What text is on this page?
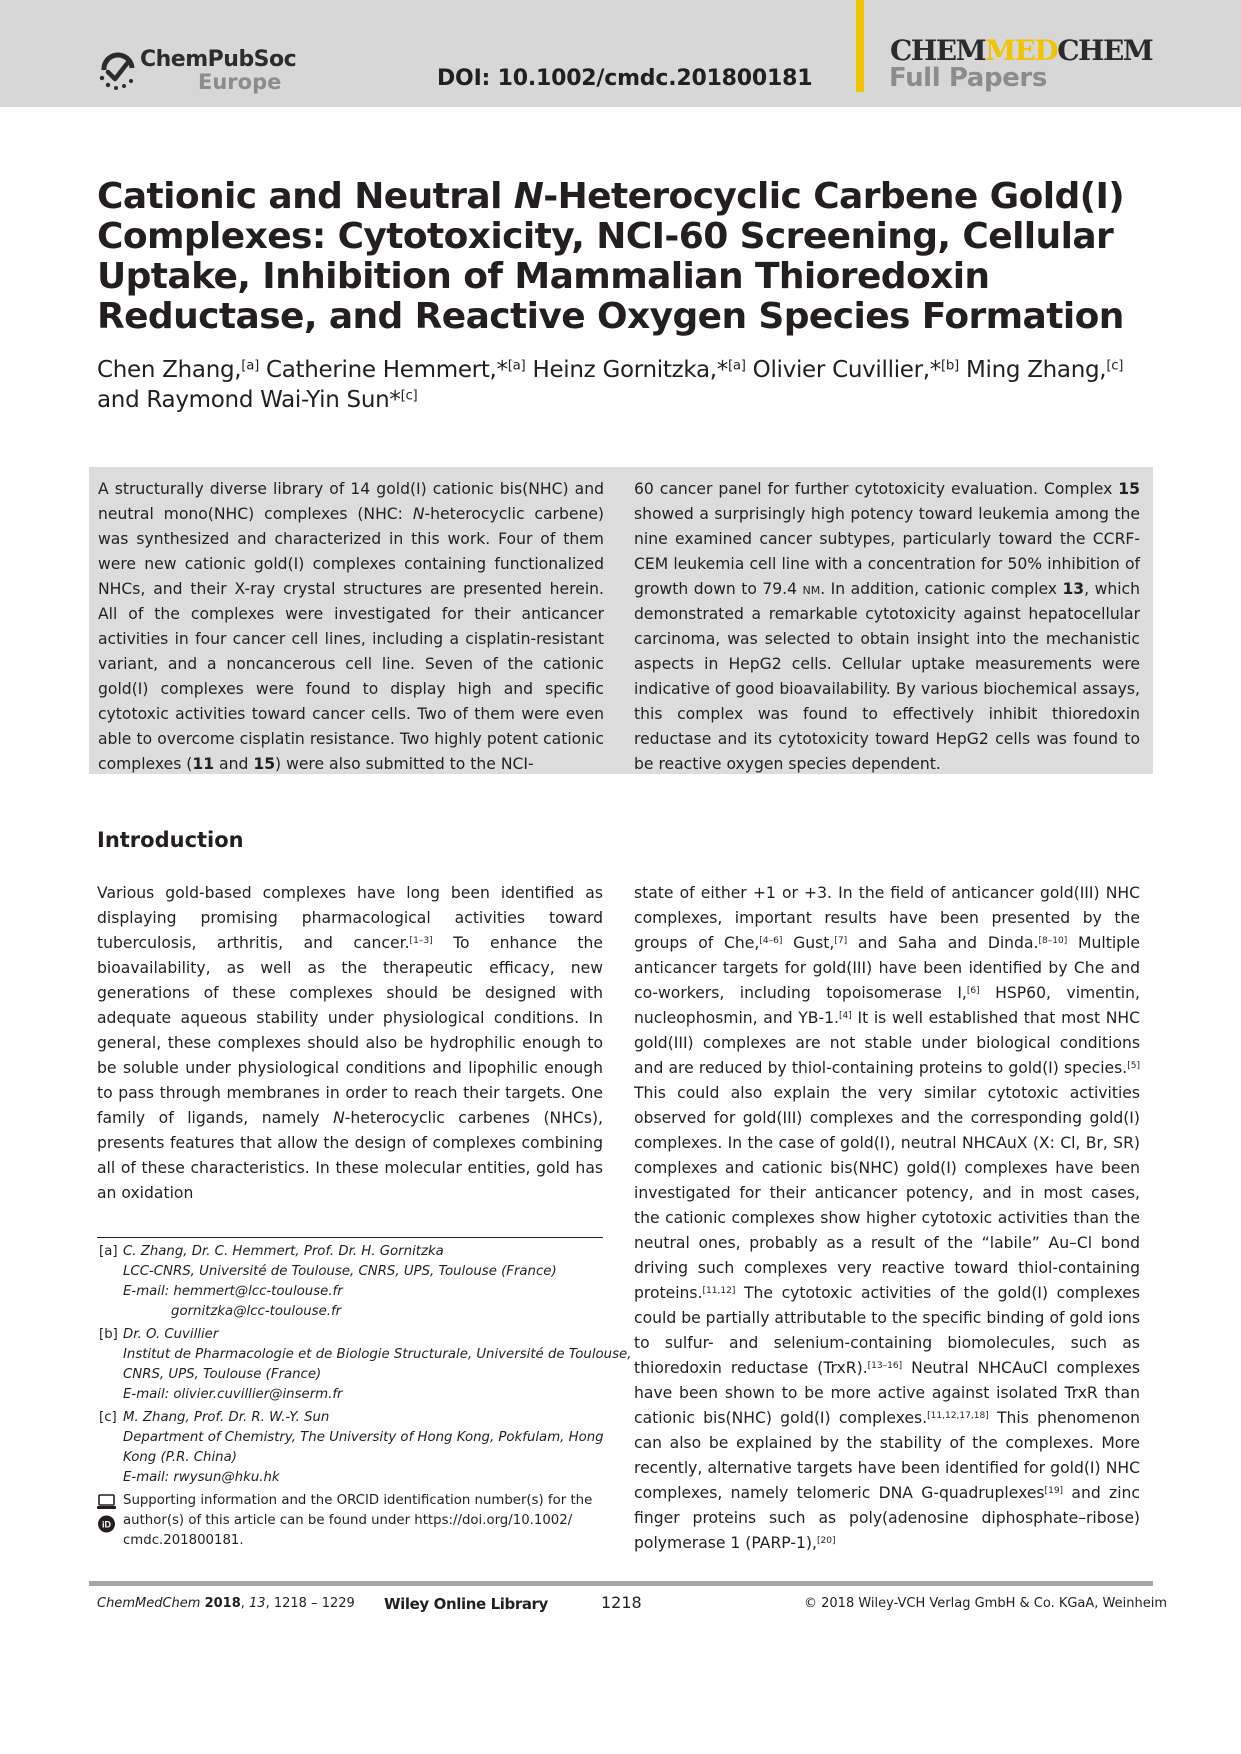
ChemPubSoc
Europe	DOI: 10.1002/cmdc.201800181
CHEMMEDCHEM
Full Papers
Cationic and Neutral N-Heterocyclic Carbene Gold(I) Complexes: Cytotoxicity, NCI-60 Screening, Cellular Uptake, Inhibition of Mammalian Thioredoxin Reductase, and Reactive Oxygen Species Formation

Chen Zhang,[a] Catherine Hemmert,*[a] Heinz Gornitzka,*[a] Olivier Cuvillier,*[b] Ming Zhang,[c]
and Raymond Wai-Yin Sun*[c]

A structurally diverse library of 14 gold(I) cationic bis(NHC) and neutral mono(NHC) complexes (NHC: N-heterocyclic carbene) was synthesized and characterized in this work. Four of them were new cationic gold(I) complexes containing functionalized NHCs, and their X-ray crystal structures are presented herein. All of the complexes were investigated for their anticancer activities in four cancer cell lines, including a cisplatin-resistant variant, and a noncancerous cell line. Seven of the cationic gold(I) complexes were found to display high and specific cytotoxic activities toward cancer cells. Two of them were even able to overcome cisplatin resistance. Two highly potent cationic complexes (11 and 15) were also submitted to the NCI-

60 cancer panel for further cytotoxicity evaluation. Complex 15 showed a surprisingly high potency toward leukemia among the nine examined cancer subtypes, particularly toward the CCRF-CEM leukemia cell line with a concentration for 50% inhibition of growth down to 79.4 nm. In addition, cationic complex 13, which demonstrated a remarkable cytotoxicity against hepatocellular carcinoma, was selected to obtain insight into the mechanistic aspects in HepG2 cells. Cellular uptake measurements were indicative of good bioavailability. By various biochemical assays, this complex was found to effectively inhibit thioredoxin reductase and its cytotoxicity toward HepG2 cells was found to be reactive oxygen species dependent.

Introduction

Various gold-based complexes have long been identified as displaying promising pharmacological activities toward tuberculosis, arthritis, and cancer.[1–3] To enhance the bioavailability, as well as the therapeutic efficacy, new generations of these complexes should be designed with adequate aqueous stability under physiological conditions. In general, these complexes should also be hydrophilic enough to be soluble under physiological conditions and lipophilic enough to pass through membranes in order to reach their targets. One family of ligands, namely N-heterocyclic carbenes (NHCs), presents features that allow the design of complexes combining all of these characteristics. In these molecular entities, gold has an oxidation

state of either +1 or +3. In the field of anticancer gold(III) NHC complexes, important results have been presented by the groups of Che,[4–6] Gust,[7] and Saha and Dinda.[8–10] Multiple anticancer targets for gold(III) have been identified by Che and co-workers, including topoisomerase I,[6] HSP60, vimentin, nucleophosmin, and YB-1.[4] It is well established that most NHC gold(III) complexes are not stable under biological conditions and are reduced by thiol-containing proteins to gold(I) species.[5] This could also explain the very similar cytotoxic activities observed for gold(III) complexes and the corresponding gold(I) complexes. In the case of gold(I), neutral NHCAuX (X: Cl, Br, SR) complexes and cationic bis(NHC) gold(I) complexes have been investigated for their anticancer potency, and in most cases, the cationic complexes show higher cytotoxic activities than the neutral ones, probably as a result of the “labile” Au–Cl bond driving such complexes very reactive toward thiol-containing proteins.[11,12] The cytotoxic activities of the gold(I) complexes could be partially attributable to the specific binding of gold ions to sulfur- and selenium-containing biomolecules, such as thioredoxin reductase (TrxR).[13–16] Neutral NHCAuCl complexes have been shown to be more active against isolated TrxR than cationic bis(NHC) gold(I) complexes.[11,12,17,18] This phenomenon can also be explained by the stability of the complexes. More recently, alternative targets have been identified for gold(I) NHC complexes, namely telomeric DNA G-quadruplexes[19] and zinc finger proteins such as poly(adenosine diphosphate–ribose) polymerase 1 (PARP-1),[20]

[a] C. Zhang, Dr. C. Hemmert, Prof. Dr. H. Gornitzka
LCC-CNRS, Université de Toulouse, CNRS, UPS, Toulouse (France)
E-mail: hemmert@lcc-toulouse.fr
gornitzka@lcc-toulouse.fr
[b] Dr. O. Cuvillier
Institut de Pharmacologie et de Biologie Structurale, Université de Toulouse,
CNRS, UPS, Toulouse (France)
E-mail: olivier.cuvillier@inserm.fr
[c] M. Zhang, Prof. Dr. R. W.-Y. Sun
Department of Chemistry, The University of Hong Kong, Pokfulam, Hong
Kong (P.R. China)
E-mail: rwysun@hku.hk
iD
Supporting information and the ORCID identification number(s) for the
author(s) of this article can be found under https://doi.org/10.1002/
cmdc.201800181.
ChemMedChem 2018, 13, 1218 – 1229 Wiley Online Library	1218	© 2018 Wiley-VCH Verlag GmbH & Co. KGaA, Weinheim
